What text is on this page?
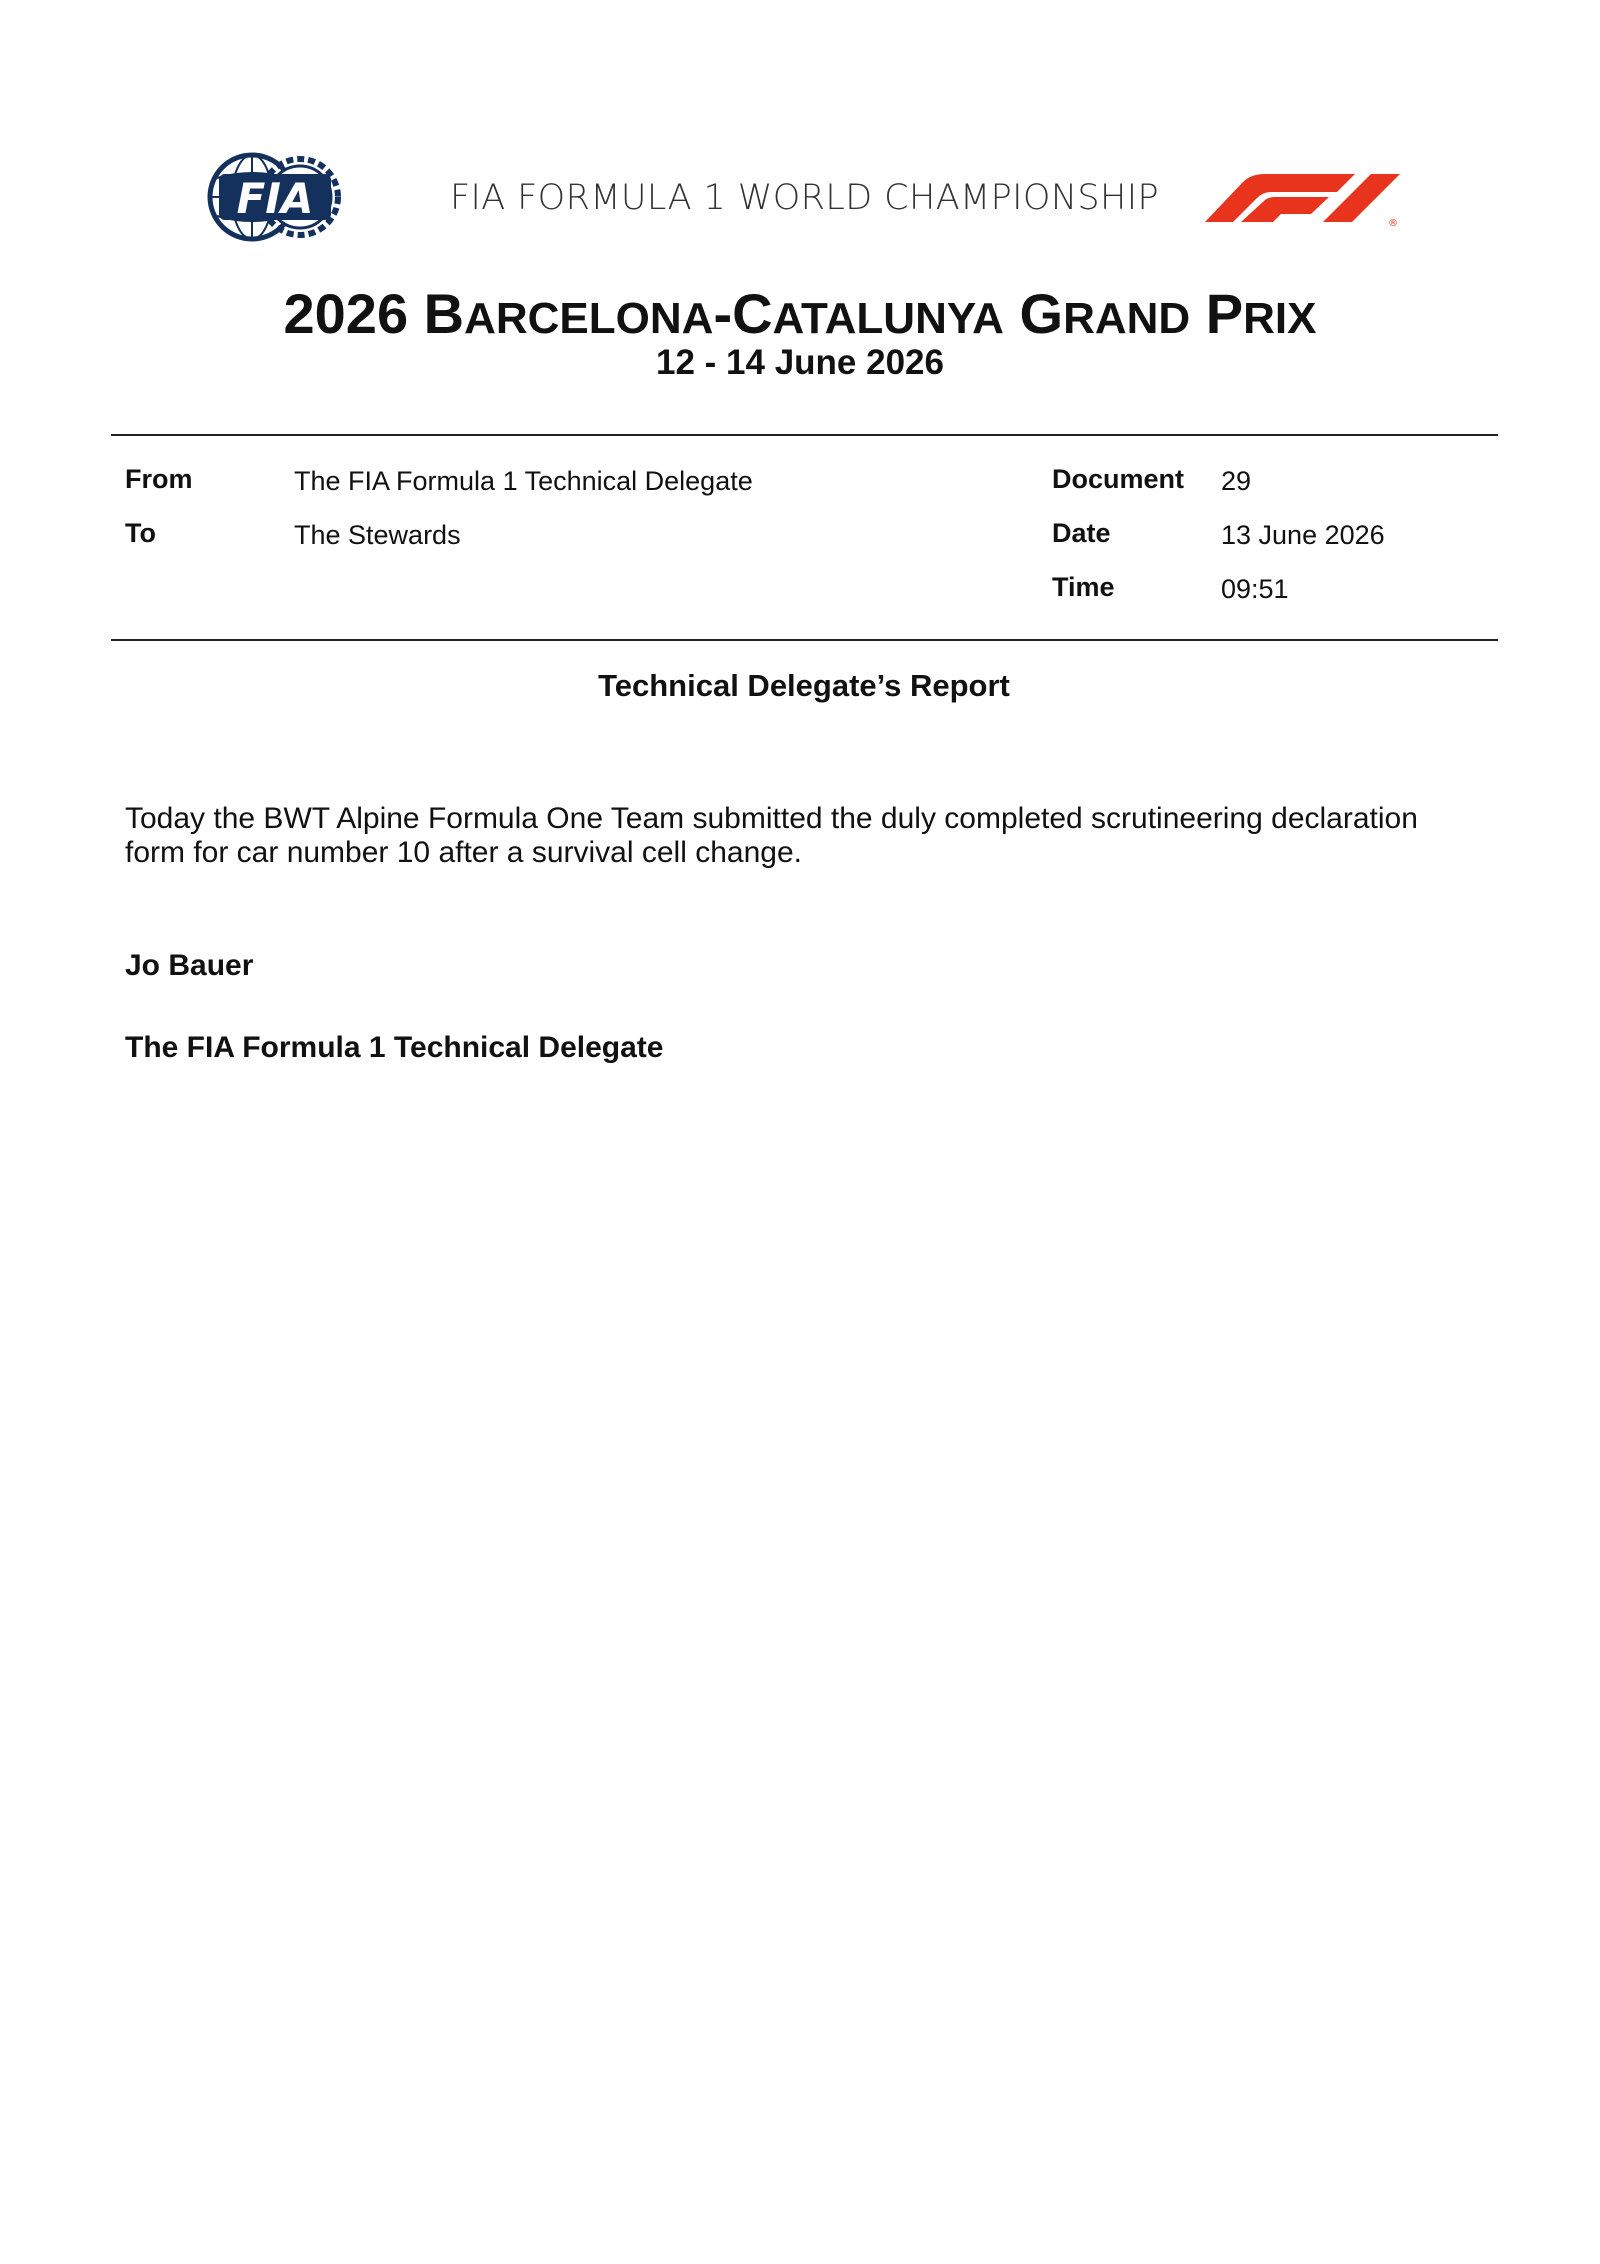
FIA	FIA FORMULA 1 WORLD CHAMPIONSHIP
®
2026 BARCELONA-CATALUNYA GRAND PRIX
12 - 14 June 2026
From	The FIA Formula 1 Technical Delegate
To	The Stewards
Document 29
Date	13 June 2026
Time	09:51
Technical Delegate’s Report
Today the BWT Alpine Formula One Team submitted the duly completed scrutineering declaration
form for car number 10 after a survival cell change.
Jo Bauer
The FIA Formula 1 Technical Delegate
